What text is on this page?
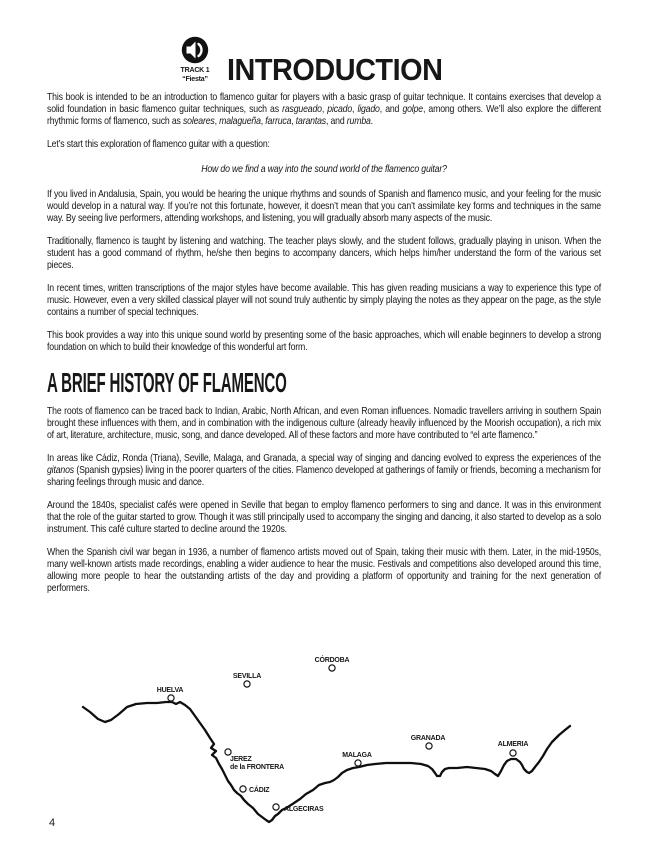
TRACK 1
“Fiesta” INTRODUCTION

This book is intended to be an introduction to flamenco guitar for players with a basic grasp of guitar technique. It contains exercises that develop a solid foundation in basic flamenco guitar techniques, such as rasgueado, picado, ligado, and golpe, among others. We’ll also explore the different rhythmic forms of flamenco, such as soleares, malagueña, farruca, tarantas, and rumba.

Let’s start this exploration of flamenco guitar with a question:

How do we find a way into the sound world of the flamenco guitar?

If you lived in Andalusia, Spain, you would be hearing the unique rhythms and sounds of Spanish and flamenco music, and your feeling for the music would develop in a natural way. If you’re not this fortunate, however, it doesn’t mean that you can’t assimilate key forms and techniques in the same way. By seeing live performers, attending workshops, and listening, you will gradually absorb many aspects of the music.

Traditionally, flamenco is taught by listening and watching. The teacher plays slowly, and the student follows, gradually playing in unison. When the student has a good command of rhythm, he/she then begins to accompany dancers, which helps him/her understand the form of the various set pieces.

In recent times, written transcriptions of the major styles have become available. This has given reading musicians a way to experience this type of music. However, even a very skilled classical player will not sound truly authentic by simply playing the notes as they appear on the page, as the style contains a number of special techniques.

This book provides a way into this unique sound world by presenting some of the basic approaches, which will enable beginners to develop a strong foundation on which to build their knowledge of this wonderful art form.

A BRIEF HISTORY OF FLAMENCO

The roots of flamenco can be traced back to Indian, Arabic, North African, and even Roman influences. Nomadic travellers arriving in southern Spain brought these influences with them, and in combination with the indigenous culture (already heavily influenced by the Moorish occupation), a rich mix of art, literature, architecture, music, song, and dance developed. All of these factors and more have contributed to “el arte flamenco.”

In areas like Cádiz, Ronda (Triana), Seville, Malaga, and Granada, a special way of singing and dancing evolved to express the experiences of the gitanos (Spanish gypsies) living in the poorer quarters of the cities. Flamenco developed at gatherings of family or friends, becoming a mechanism for sharing feelings through music and dance.

Around the 1840s, specialist cafés were opened in Seville that began to employ flamenco performers to sing and dance. It was in this environment that the role of the guitar started to grow. Though it was still principally used to accompany the singing and dancing, it also started to develop as a solo instrument. This café culture started to decline around the 1920s.

When the Spanish civil war began in 1936, a number of flamenco artists moved out of Spain, taking their music with them. Later, in the mid-1950s, many well-known artists made recordings, enabling a wider audience to hear the music. Festivals and competitions also developed around this time, allowing more people to hear the outstanding artists of the day and providing a platform of opportunity and training for the next generation of performers.

CÓRDOBA
SEVILLA
HUELVA
GRANADA
ALMERIA
MALAGA
JEREZ
de la FRONTERA
CÁDIZ
ALGECIRAS
4
